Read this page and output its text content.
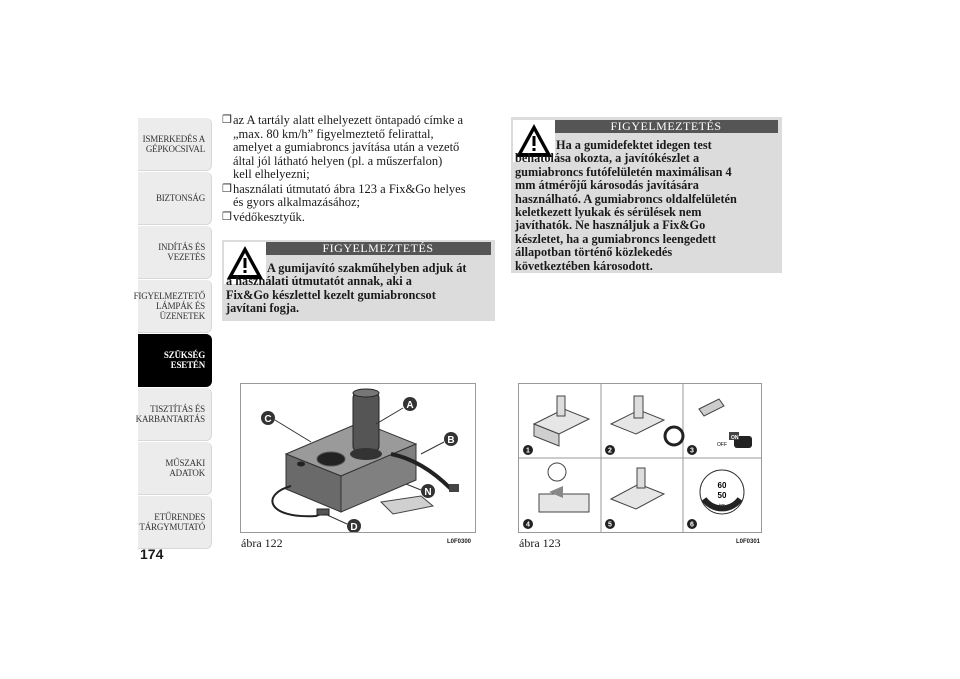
ISMERKEDÉS A
GÉPKOCSIVAL
BIZTONSÁG
INDÍTÁS ÉS
VEZETÉS
FIGYELMEZTETŐ
LÁMPÁK ÉS
ÜZENETEK
SZÜKSÉG ESETÉN
TISZTÍTÁS ÉS
KARBANTARTÁS
MŰSZAKI ADATOK
ETŰRENDES
TÁRGYMUTATÓ
174
❒ az A tartály alatt elhelyezett öntapadó címke a
„max. 80 km/h” figyelmeztető felirattal,
amelyet a gumiabroncs javítása után a vezető
által jól látható helyen (pl. a műszerfalon)
kell elhelyezni;
❒ használati útmutató ábra 123 a Fix&Go helyes
és gyors alkalmazásához;
❒ védőkesztyűk.
FIGYELMEZTETÉS
A gumijavító szakműhelyben adjuk át
a használati útmutatót annak, aki a
Fix&Go készlettel kezelt gumiabroncsot
javítani fogja.
FIGYELMEZTETÉS
Ha a gumidefektet idegen test
behatolása okozta, a javítókészlet a
gumiabroncs futófelületén maximálisan 4
mm átmérőjű károsodás javítására
használható. A gumiabroncs oldalfelületén
keletkezett lyukak és sérülések nem
javíthatók. Ne használjuk a Fix&Go
készletet, ha a gumiabroncs leengedett
állapotban történő közlekedés
következtében károsodott.
A
B
C
D
N
ábra 122	L0F0300
ON
OFF
60
50
bar
1	2	3
4	5	6
ábra 123	L0F0301
